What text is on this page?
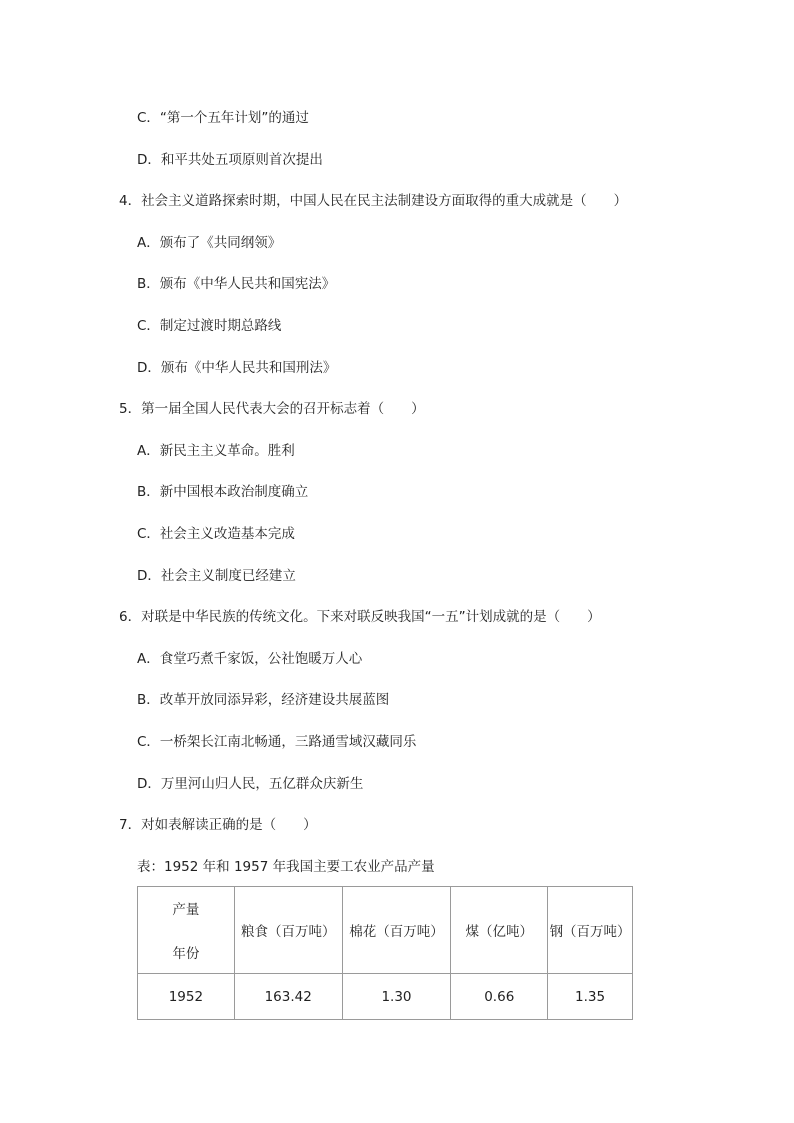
C．“第一个五年计划”的通过
D．和平共处五项原则首次提出
4．社会主义道路探索时期，中国人民在民主法制建设方面取得的重大成就是（　　）
A．颁布了《共同纲领》
B．颁布《中华人民共和国宪法》
C．制定过渡时期总路线
D．颁布《中华人民共和国刑法》
5．第一届全国人民代表大会的召开标志着（　　）
A．新民主主义革命。胜利
B．新中国根本政治制度确立
C．社会主义改造基本完成
D．社会主义制度已经建立
6．对联是中华民族的传统文化。下来对联反映我国“一五”计划成就的是（　　）
A．食堂巧煮千家饭，公社饱暖万人心
B．改革开放同添异彩，经济建设共展蓝图
C．一桥架长江南北畅通，三路通雪域汉藏同乐
D．万里河山归人民，五亿群众庆新生
7．对如表解读正确的是（　　）
表：1952 年和 1957 年我国主要工农业产品产量
产量
年份	粮食（百万吨）	棉花（百万吨）	煤（亿吨）	钢（百万吨）
1952	163.42	1.30	0.66	1.35
